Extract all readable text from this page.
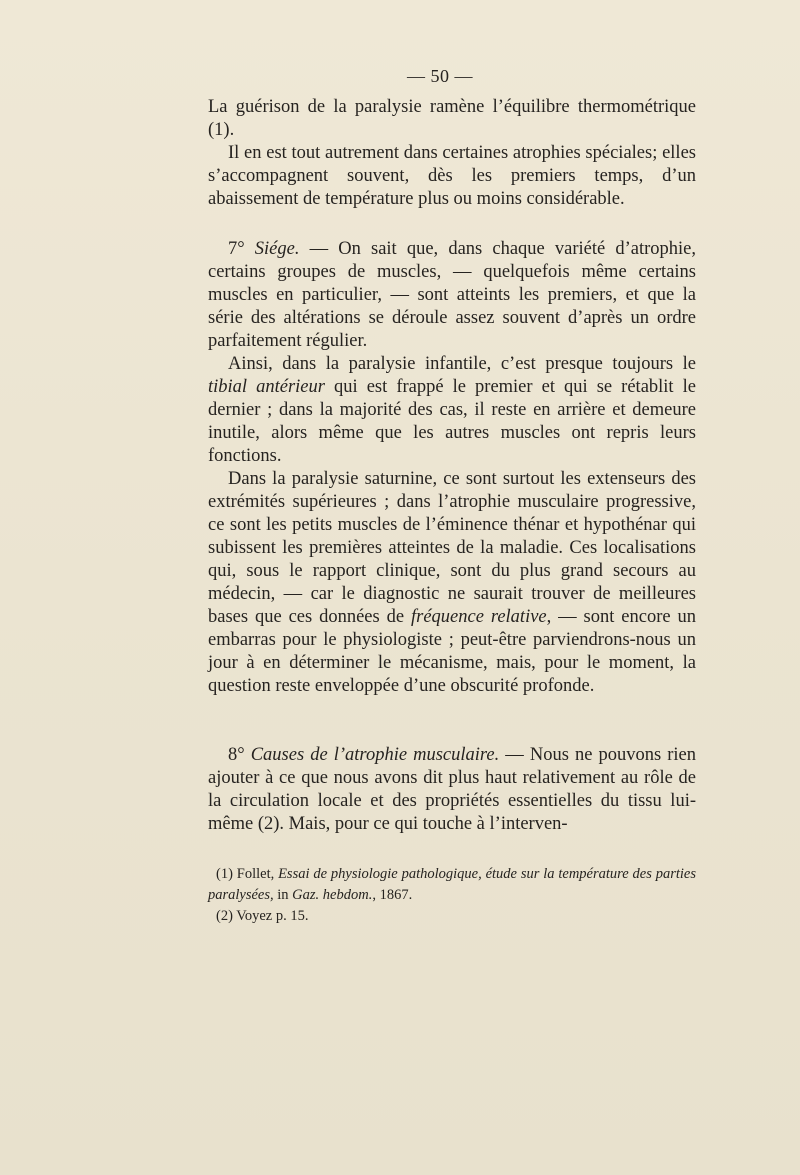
— 50 —

La guérison de la paralysie ramène l’équilibre thermométrique (1).

Il en est tout autrement dans certaines atrophies spéciales; elles s’accompagnent souvent, dès les premiers temps, d’un abaissement de température plus ou moins considérable.

7° Siége. — On sait que, dans chaque variété d’atrophie, certains groupes de muscles, — quelquefois même certains muscles en particulier, — sont atteints les premiers, et que la série des altérations se déroule assez souvent d’après un ordre parfaitement régulier.

Ainsi, dans la paralysie infantile, c’est presque toujours le tibial antérieur qui est frappé le premier et qui se rétablit le dernier ; dans la majorité des cas, il reste en arrière et demeure inutile, alors même que les autres muscles ont repris leurs fonctions.

Dans la paralysie saturnine, ce sont surtout les extenseurs des extrémités supérieures ; dans l’atrophie musculaire progressive, ce sont les petits muscles de l’éminence thénar et hypothénar qui subissent les premières atteintes de la maladie. Ces localisations qui, sous le rapport clinique, sont du plus grand secours au médecin, — car le diagnostic ne saurait trouver de meilleures bases que ces données de fréquence relative, — sont encore un embarras pour le physiologiste ; peut-être parviendrons-nous un jour à en déterminer le mécanisme, mais, pour le moment, la question reste enveloppée d’une obscurité profonde.

8° Causes de l’atrophie musculaire. — Nous ne pouvons rien ajouter à ce que nous avons dit plus haut relativement au rôle de la circulation locale et des propriétés essentielles du tissu lui-même (2). Mais, pour ce qui touche à l’interven-

(1) Follet, Essai de physiologie pathologique, étude sur la température des parties paralysées, in Gaz. hebdom., 1867.

(2) Voyez p. 15.
